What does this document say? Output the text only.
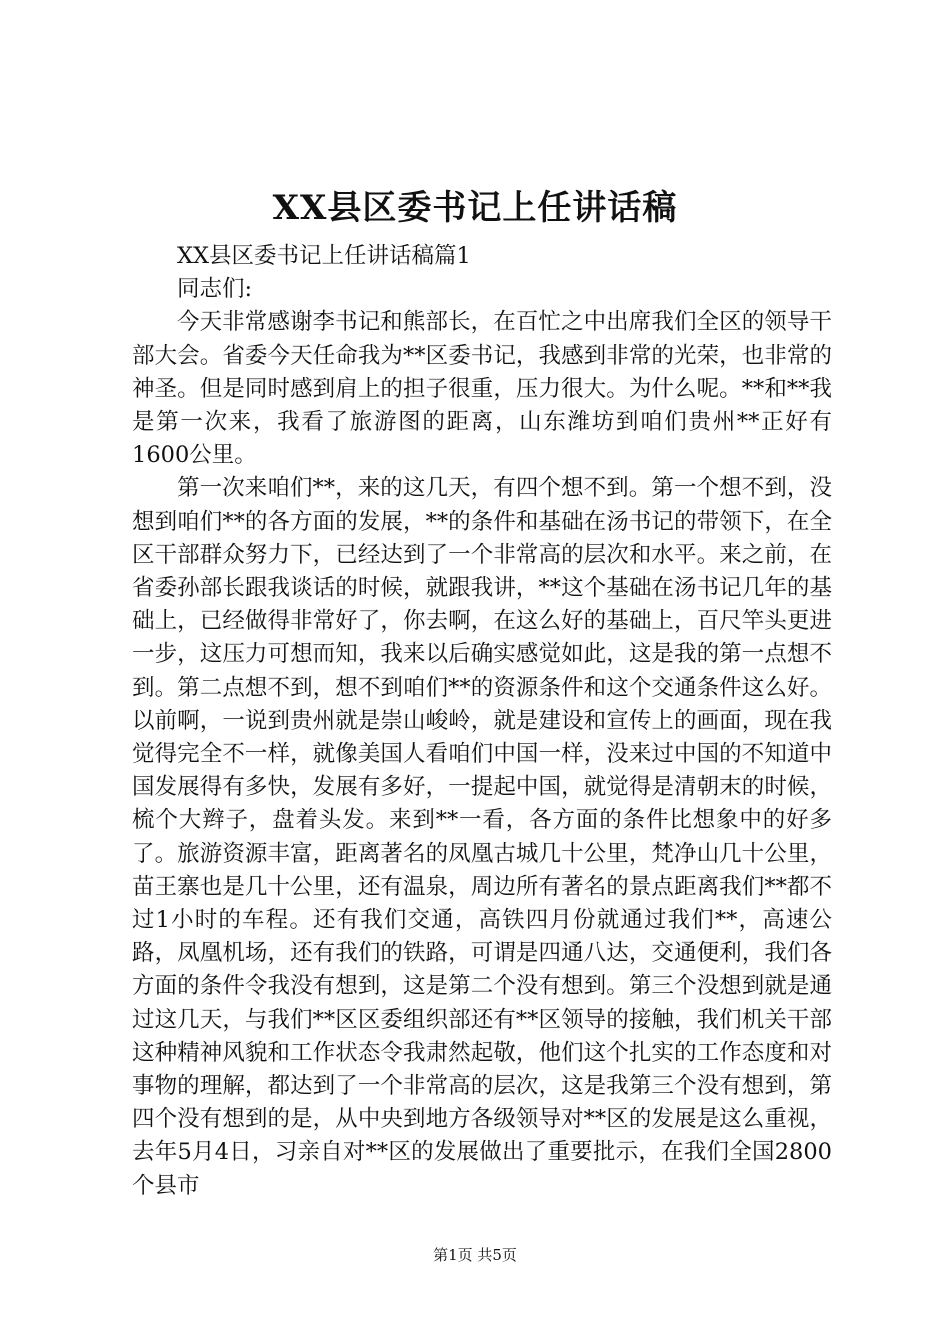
XX县区委书记上任讲话稿

XX县区委书记上任讲话稿篇1

同志们:

今天非常感谢李书记和熊部长，在百忙之中出席我们全区的领导干部大会。省委今天任命我为**区委书记，我感到非常的光荣，也非常的神圣。但是同时感到肩上的担子很重，压力很大。为什么呢。**和**我是第一次来，我看了旅游图的距离，山东潍坊到咱们贵州**正好有1600公里。

第一次来咱们**，来的这几天，有四个想不到。第一个想不到，没想到咱们**的各方面的发展，**的条件和基础在汤书记的带领下，在全区干部群众努力下，已经达到了一个非常高的层次和水平。来之前，在省委孙部长跟我谈话的时候，就跟我讲，**这个基础在汤书记几年的基础上，已经做得非常好了，你去啊，在这么好的基础上，百尺竿头更进一步，这压力可想而知，我来以后确实感觉如此，这是我的第一点想不到。第二点想不到，想不到咱们**的资源条件和这个交通条件这么好。以前啊，一说到贵州就是崇山峻岭，就是建设和宣传上的画面，现在我觉得完全不一样，就像美国人看咱们中国一样，没来过中国的不知道中国发展得有多快，发展有多好，一提起中国，就觉得是清朝末的时候，梳个大辫子，盘着头发。来到**一看，各方面的条件比想象中的好多了。旅游资源丰富，距离著名的凤凰古城几十公里，梵净山几十公里，苗王寨也是几十公里，还有温泉，周边所有著名的景点距离我们**都不过1小时的车程。还有我们交通，高铁四月份就通过我们**，高速公路，凤凰机场，还有我们的铁路，可谓是四通八达，交通便利，我们各方面的条件令我没有想到，这是第二个没有想到。第三个没想到就是通过这几天，与我们**区区委组织部还有**区领导的接触，我们机关干部这种精神风貌和工作状态令我肃然起敬，他们这个扎实的工作态度和对事物的理解，都达到了一个非常高的层次，这是我第三个没有想到，第四个没有想到的是，从中央到地方各级领导对**区的发展是这么重视，去年5月4日，习亲自对**区的发展做出了重要批示，在我们全国2800个县市

第1页 共5页
